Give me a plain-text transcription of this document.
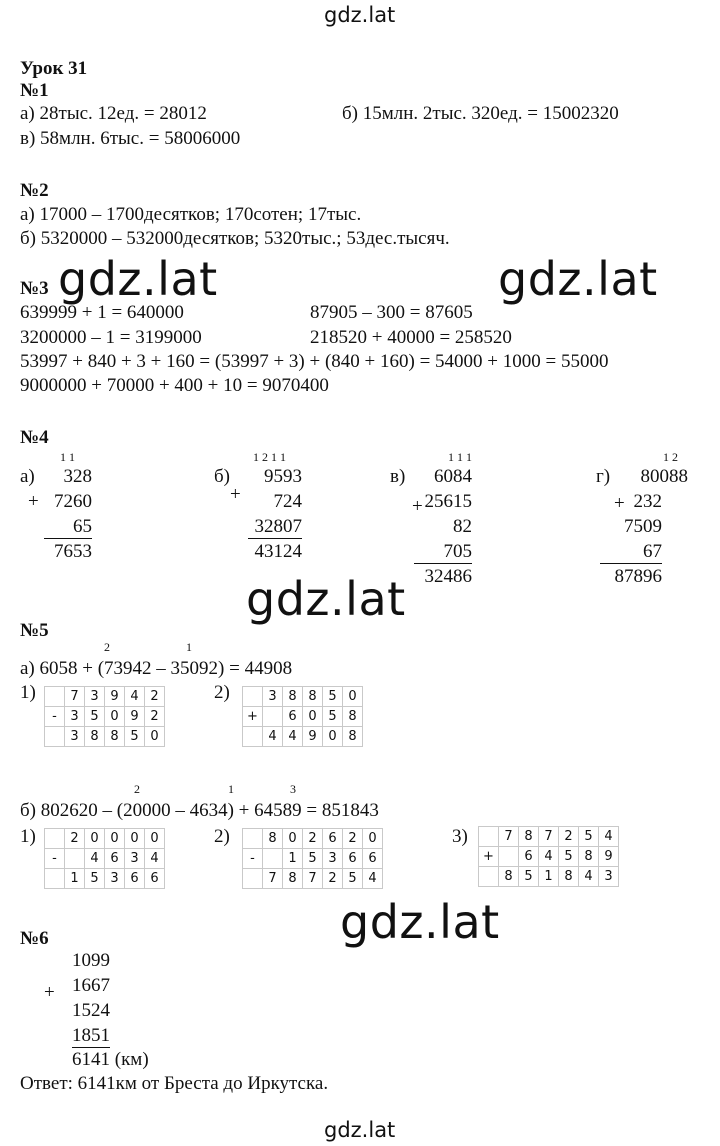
gdz.lat
gdz.lat
gdz.lat	gdz.lat
gdz.lat
gdz.lat
Урок 31
№1
а) 28тыс. 12ед. = 28012	б) 15млн. 2тыс. 320ед. = 15002320
в) 58млн. 6тыс. = 58006000
№2
а) 17000 – 1700десятков; 170сотен; 17тыс.
б) 5320000 – 532000десятков; 5320тыс.; 53дес.тысяч.
№3
639999 + 1 = 640000	87905 – 300 = 87605
3200000 – 1 = 3199000	218520 + 40000 = 258520
53997 + 840 + 3 + 160 = (53997 + 3) + (840 + 160) = 54000 + 1000 = 55000
9000000 + 70000 + 400 + 10 = 9070400
№4
1 1
а)
+
328
7260
65
7653
1 2 1 1
б)
+
9593
724
32807
43124
1 1 1
в)
+
6084
25615
82
705
32486
1 2
г)
+
80088
232
7509
67
87896
№5
2	1
а) 6058 + (73942 – 35092) = 44908
1)	2)
	7	3	9	4	2
-	3	5	0	9	2
	3	8	8	5	0
	3	8	8	5	0
+		6	0	5	8
	4	4	9	0	8
2	1	3
б) 802620 – (20000 – 4634) + 64589 = 851843
1)	2)	3)
	2	0	0	0	0
-		4	6	3	4
	1	5	3	6	6
	8	0	2	6	2	0
-		1	5	3	6	6
	7	8	7	2	5	4
	7	8	7	2	5	4
+		6	4	5	8	9
	8	5	1	8	4	3
№6
1099
+ 1667
1524
1851
6141 (км)
Ответ: 6141км от Бреста до Иркутска.
